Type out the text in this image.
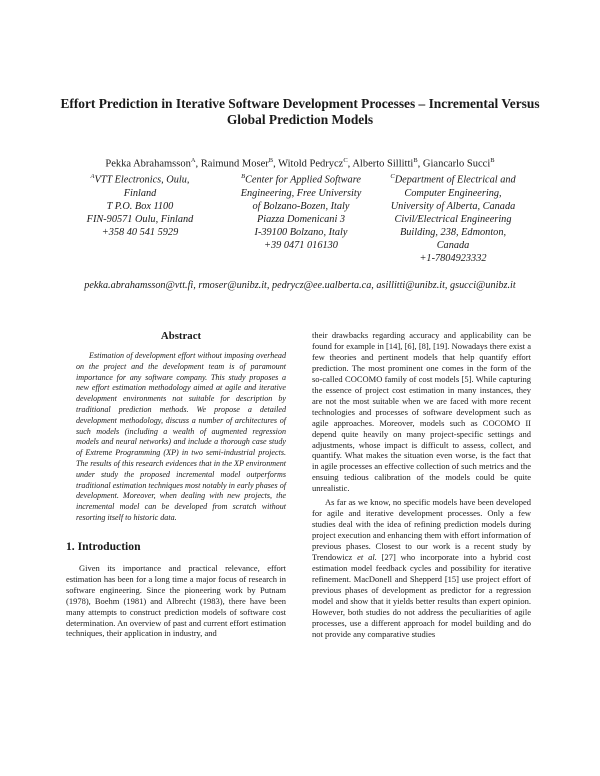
Effort Prediction in Iterative Software Development Processes – Incremental Versus Global Prediction Models
Pekka Abrahamsson$^A$, Raimund Moser$^B$, Witold Pedrycz$^C$, Alberto Sillitti$^B$, Giancarlo Succi$^B$
$^A$VTT Electronics, Oulu,
Finland
T P.O. Box 1100
FIN-90571 Oulu, Finland
+358 40 541 5929
$^B$Center for Applied Software
Engineering, Free University
of Bolzano-Bozen, Italy
Piazza Domenicani 3
I-39100 Bolzano, Italy
+39 0471 016130
$^C$Department of Electrical and
Computer Engineering,
University of Alberta, Canada
Civil/Electrical Engineering
Building, 238, Edmonton,
Canada
+1-7804923332
pekka.abrahamsson@vtt.fi, rmoser@unibz.it, pedrycz@ee.ualberta.ca, asillitti@unibz.it, gsucci@unibz.it
Abstract

Estimation of development effort without imposing overhead on the project and the development team is of paramount importance for any software company. This study proposes a new effort estimation methodology aimed at agile and iterative development environments not suitable for description by traditional prediction methods. We propose a detailed development methodology, discuss a number of architectures of such models (including a wealth of augmented regression models and neural networks) and include a thorough case study of Extreme Programming (XP) in two semi-industrial projects. The results of this research evidences that in the XP environment under study the proposed incremental model outperforms traditional estimation techniques most notably in early phases of development. Moreover, when dealing with new projects, the incremental model can be developed from scratch without resorting itself to historic data.

1. Introduction

Given its importance and practical relevance, effort estimation has been for a long time a major focus of research in software engineering. Since the pioneering work by Putnam (1978), Boehm (1981) and Albrecht (1983), there have been many attempts to construct prediction models of software cost determination. An overview of past and current effort estimation techniques, their application in industry, and

their drawbacks regarding accuracy and applicability can be found for example in [14], [6], [8], [19]. Nowadays there exist a few theories and pertinent models that help quantify effort prediction. The most prominent one comes in the form of the so-called COCOMO family of cost models [5]. While capturing the essence of project cost estimation in many instances, they are not the most suitable when we are faced with more recent technologies and processes of software development such as agile approaches. Moreover, models such as COCOMO II depend quite heavily on many project-specific settings and adjustments, whose impact is difficult to assess, collect, and quantify. What makes the situation even worse, is the fact that in agile processes an effective collection of such metrics and the ensuing tedious calibration of the models could be quite unrealistic.

As far as we know, no specific models have been developed for agile and iterative development processes. Only a few studies deal with the idea of refining prediction models during project execution and enhancing them with effort information of previous phases. Closest to our work is a recent study by Trendowicz et al. [27] who incorporate into a hybrid cost estimation model feedback cycles and possibility for iterative refinement. MacDonell and Shepperd [15] use project effort of previous phases of development as predictor for a regression model and show that it yields better results than expert opinion. However, both studies do not address the peculiarities of agile processes, use a different approach for model building and do not provide any comparative studies
